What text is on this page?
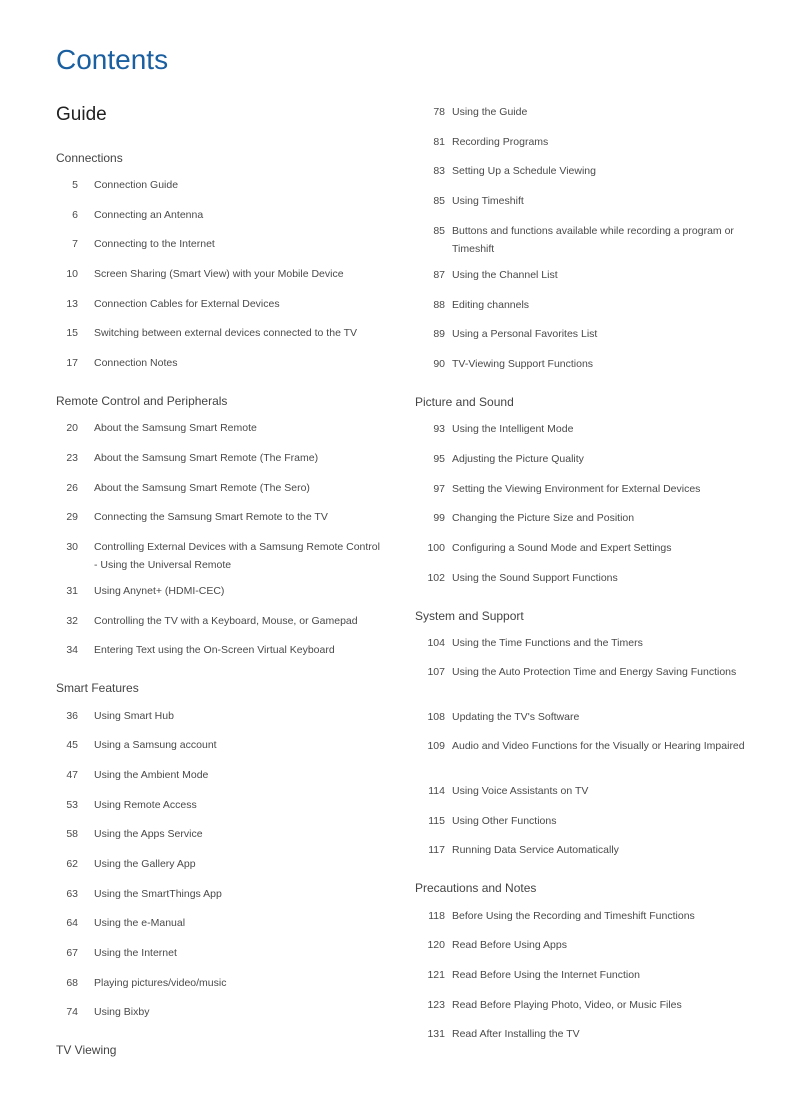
Contents
Guide
Connections
5 Connection Guide
6 Connecting an Antenna
7 Connecting to the Internet
10 Screen Sharing (Smart View) with your Mobile Device
13 Connection Cables for External Devices
15 Switching between external devices connected to the TV
17 Connection Notes
Remote Control and Peripherals
20 About the Samsung Smart Remote
23 About the Samsung Smart Remote (The Frame)
26 About the Samsung Smart Remote (The Sero)
29 Connecting the Samsung Smart Remote to the TV
30 Controlling External Devices with a Samsung Remote Control - Using the Universal Remote
31 Using Anynet+ (HDMI-CEC)
32 Controlling the TV with a Keyboard, Mouse, or Gamepad
34 Entering Text using the On-Screen Virtual Keyboard
Smart Features
36 Using Smart Hub
45 Using a Samsung account
47 Using the Ambient Mode
53 Using Remote Access
58 Using the Apps Service
62 Using the Gallery App
63 Using the SmartThings App
64 Using the e-Manual
67 Using the Internet
68 Playing pictures/video/music
74 Using Bixby
TV Viewing
78 Using the Guide
81 Recording Programs
83 Setting Up a Schedule Viewing
85 Using Timeshift
85 Buttons and functions available while recording a program or Timeshift
87 Using the Channel List
88 Editing channels
89 Using a Personal Favorites List
90 TV-Viewing Support Functions
Picture and Sound
93 Using the Intelligent Mode
95 Adjusting the Picture Quality
97 Setting the Viewing Environment for External Devices
99 Changing the Picture Size and Position
100 Configuring a Sound Mode and Expert Settings
102 Using the Sound Support Functions
System and Support
104 Using the Time Functions and the Timers
107 Using the Auto Protection Time and Energy Saving Functions
108 Updating the TV's Software
109 Audio and Video Functions for the Visually or Hearing Impaired
114 Using Voice Assistants on TV
115 Using Other Functions
117 Running Data Service Automatically
Precautions and Notes
118 Before Using the Recording and Timeshift Functions
120 Read Before Using Apps
121 Read Before Using the Internet Function
123 Read Before Playing Photo, Video, or Music Files
131 Read After Installing the TV
